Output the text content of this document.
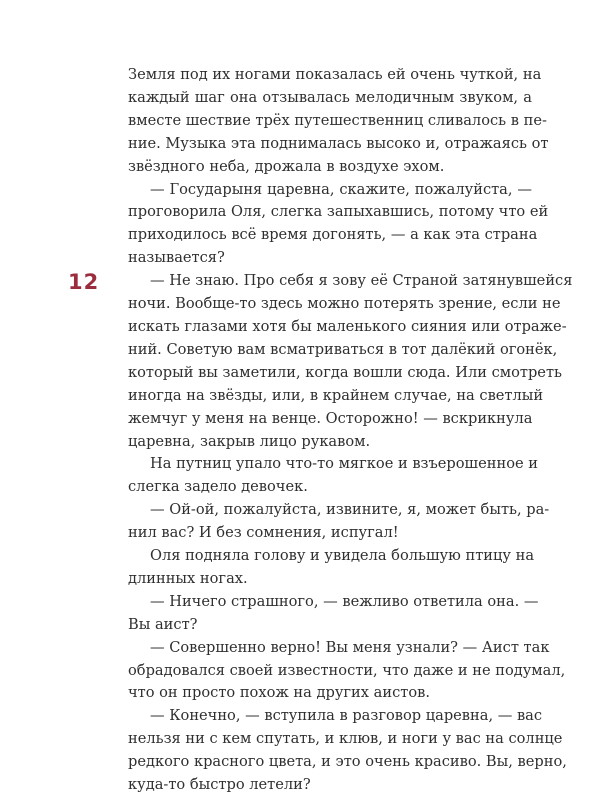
12
Земля под их ногами показалась ей очень чуткой, на
каждый шаг она отзывалась мелодичным звуком, а
вместе шествие трёх путешественниц сливалось в пе-
ние. Музыка эта поднималась высоко и, отражаясь от
звёздного неба, дрожала в воздухе эхом.
— Государыня царевна, скажите, пожалуйста, —
проговорила Оля, слегка запыхавшись, потому что ей
приходилось всё время догонять, — а как эта страна
называется?
— Не знаю. Про себя я зову её Страной затянувшейся
ночи. Вообще-то здесь можно потерять зрение, если не
искать глазами хотя бы маленького сияния или отраже-
ний. Советую вам всматриваться в тот далёкий огонёк,
который вы заметили, когда вошли сюда. Или смотреть
иногда на звёзды, или, в крайнем случае, на светлый
жемчуг у меня на венце. Осторожно! — вскрикнула
царевна, закрыв лицо рукавом.
На путниц упало что-то мягкое и взъерошенное и
слегка задело девочек.
— Ой-ой, пожалуйста, извините, я, может быть, ра-
нил вас? И без сомнения, испугал!
Оля подняла голову и увидела большую птицу на
длинных ногах.
— Ничего страшного, — вежливо ответила она. —
Вы аист?
— Совершенно верно! Вы меня узнали? — Аист так
обрадовался своей известности, что даже и не подумал,
что он просто похож на других аистов.
— Конечно, — вступила в разговор царевна, — вас
нельзя ни с кем спутать, и клюв, и ноги у вас на солнце
редкого красного цвета, и это очень красиво. Вы, верно,
куда-то быстро летели?
